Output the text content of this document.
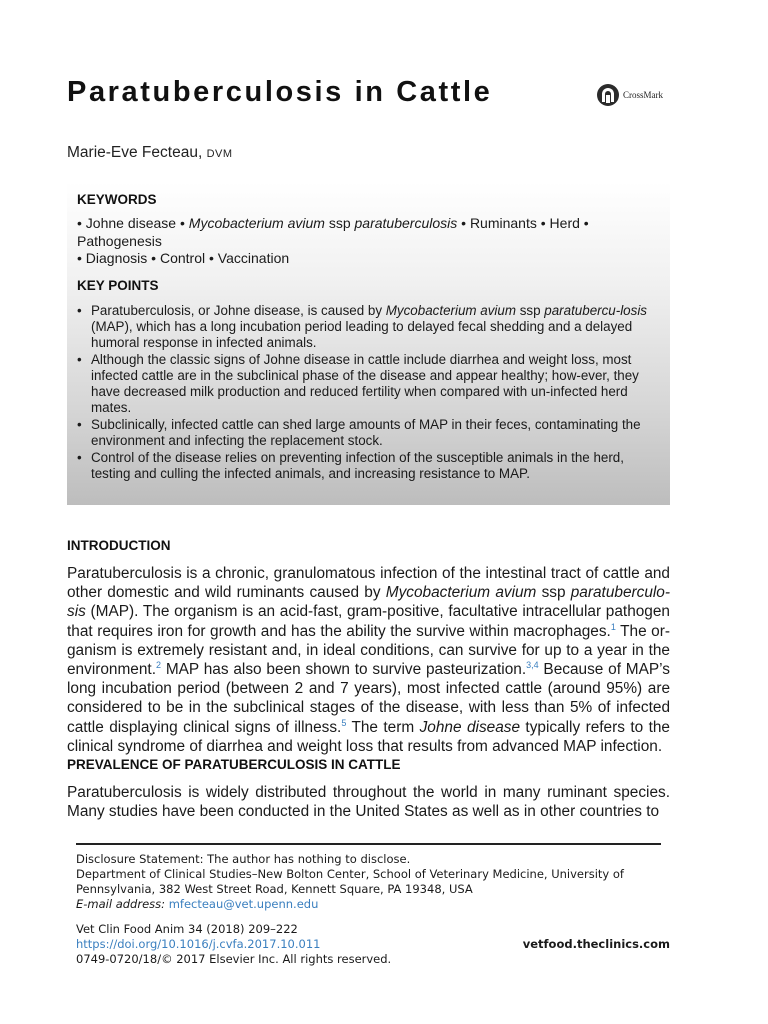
Paratuberculosis in Cattle	CrossMark
Marie-Eve Fecteau, DVM
KEYWORDS
• Johne disease • Mycobacterium avium ssp paratuberculosis • Ruminants • Herd • Pathogenesis
• Diagnosis • Control • Vaccination
KEY POINTS
• Paratuberculosis, or Johne disease, is caused by Mycobacterium avium ssp paratubercu-losis (MAP), which has a long incubation period leading to delayed fecal shedding and a delayed humoral response in infected animals.
• Although the classic signs of Johne disease in cattle include diarrhea and weight loss, most infected cattle are in the subclinical phase of the disease and appear healthy; how-ever, they have decreased milk production and reduced fertility when compared with un-infected herd mates.
• Subclinically, infected cattle can shed large amounts of MAP in their feces, contaminating the environment and infecting the replacement stock.
• Control of the disease relies on preventing infection of the susceptible animals in the herd, testing and culling the infected animals, and increasing resistance to MAP.
INTRODUCTION
Paratuberculosis is a chronic, granulomatous infection of the intestinal tract of cattle and other domestic and wild ruminants caused by Mycobacterium avium ssp paratuberculo-sis (MAP). The organism is an acid-fast, gram-positive, facultative intracellular pathogen that requires iron for growth and has the ability the survive within macrophages.$^1$ The or-ganism is extremely resistant and, in ideal conditions, can survive for up to a year in the environment.$^2$ MAP has also been shown to survive pasteurization.$^{3,4}$ Because of MAP’s long incubation period (between 2 and 7 years), most infected cattle (around 95%) are considered to be in the subclinical stages of the disease, with less than 5% of infected cattle displaying clinical signs of illness.$^5$ The term Johne disease typically refers to the clinical syndrome of diarrhea and weight loss that results from advanced MAP infection.
PREVALENCE OF PARATUBERCULOSIS IN CATTLE
Paratuberculosis is widely distributed throughout the world in many ruminant species. Many studies have been conducted in the United States as well as in other countries to
Disclosure Statement: The author has nothing to disclose.
Department of Clinical Studies–New Bolton Center, School of Veterinary Medicine, University of Pennsylvania, 382 West Street Road, Kennett Square, PA 19348, USA
E-mail address: mfecteau@vet.upenn.edu
Vet Clin Food Anim 34 (2018) 209–222
https://doi.org/10.1016/j.cvfa.2017.10.011	vetfood.theclinics.com
0749-0720/18/© 2017 Elsevier Inc. All rights reserved.
